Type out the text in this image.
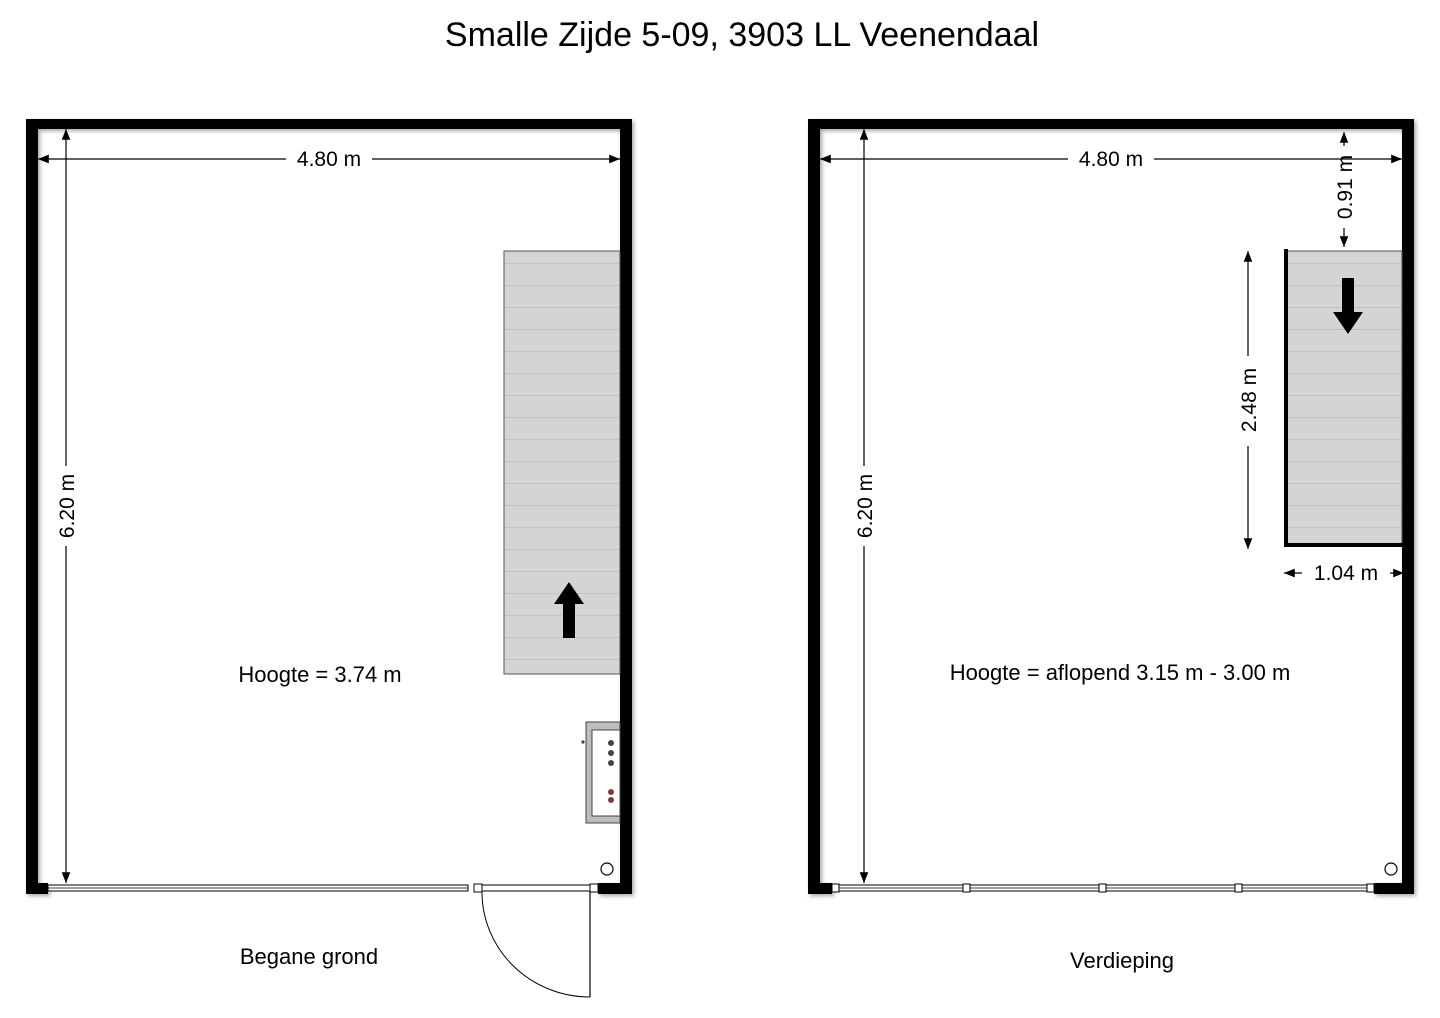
Smalle Zijde 5-09, 3903 LL Veenendaal
4.80 m
6.20 m
Hoogte = 3.74 m
Begane grond
4.80 m
6.20 m
0.91 m
2.48 m
1.04 m
Hoogte = aflopend 3.15 m - 3.00 m
Verdieping
